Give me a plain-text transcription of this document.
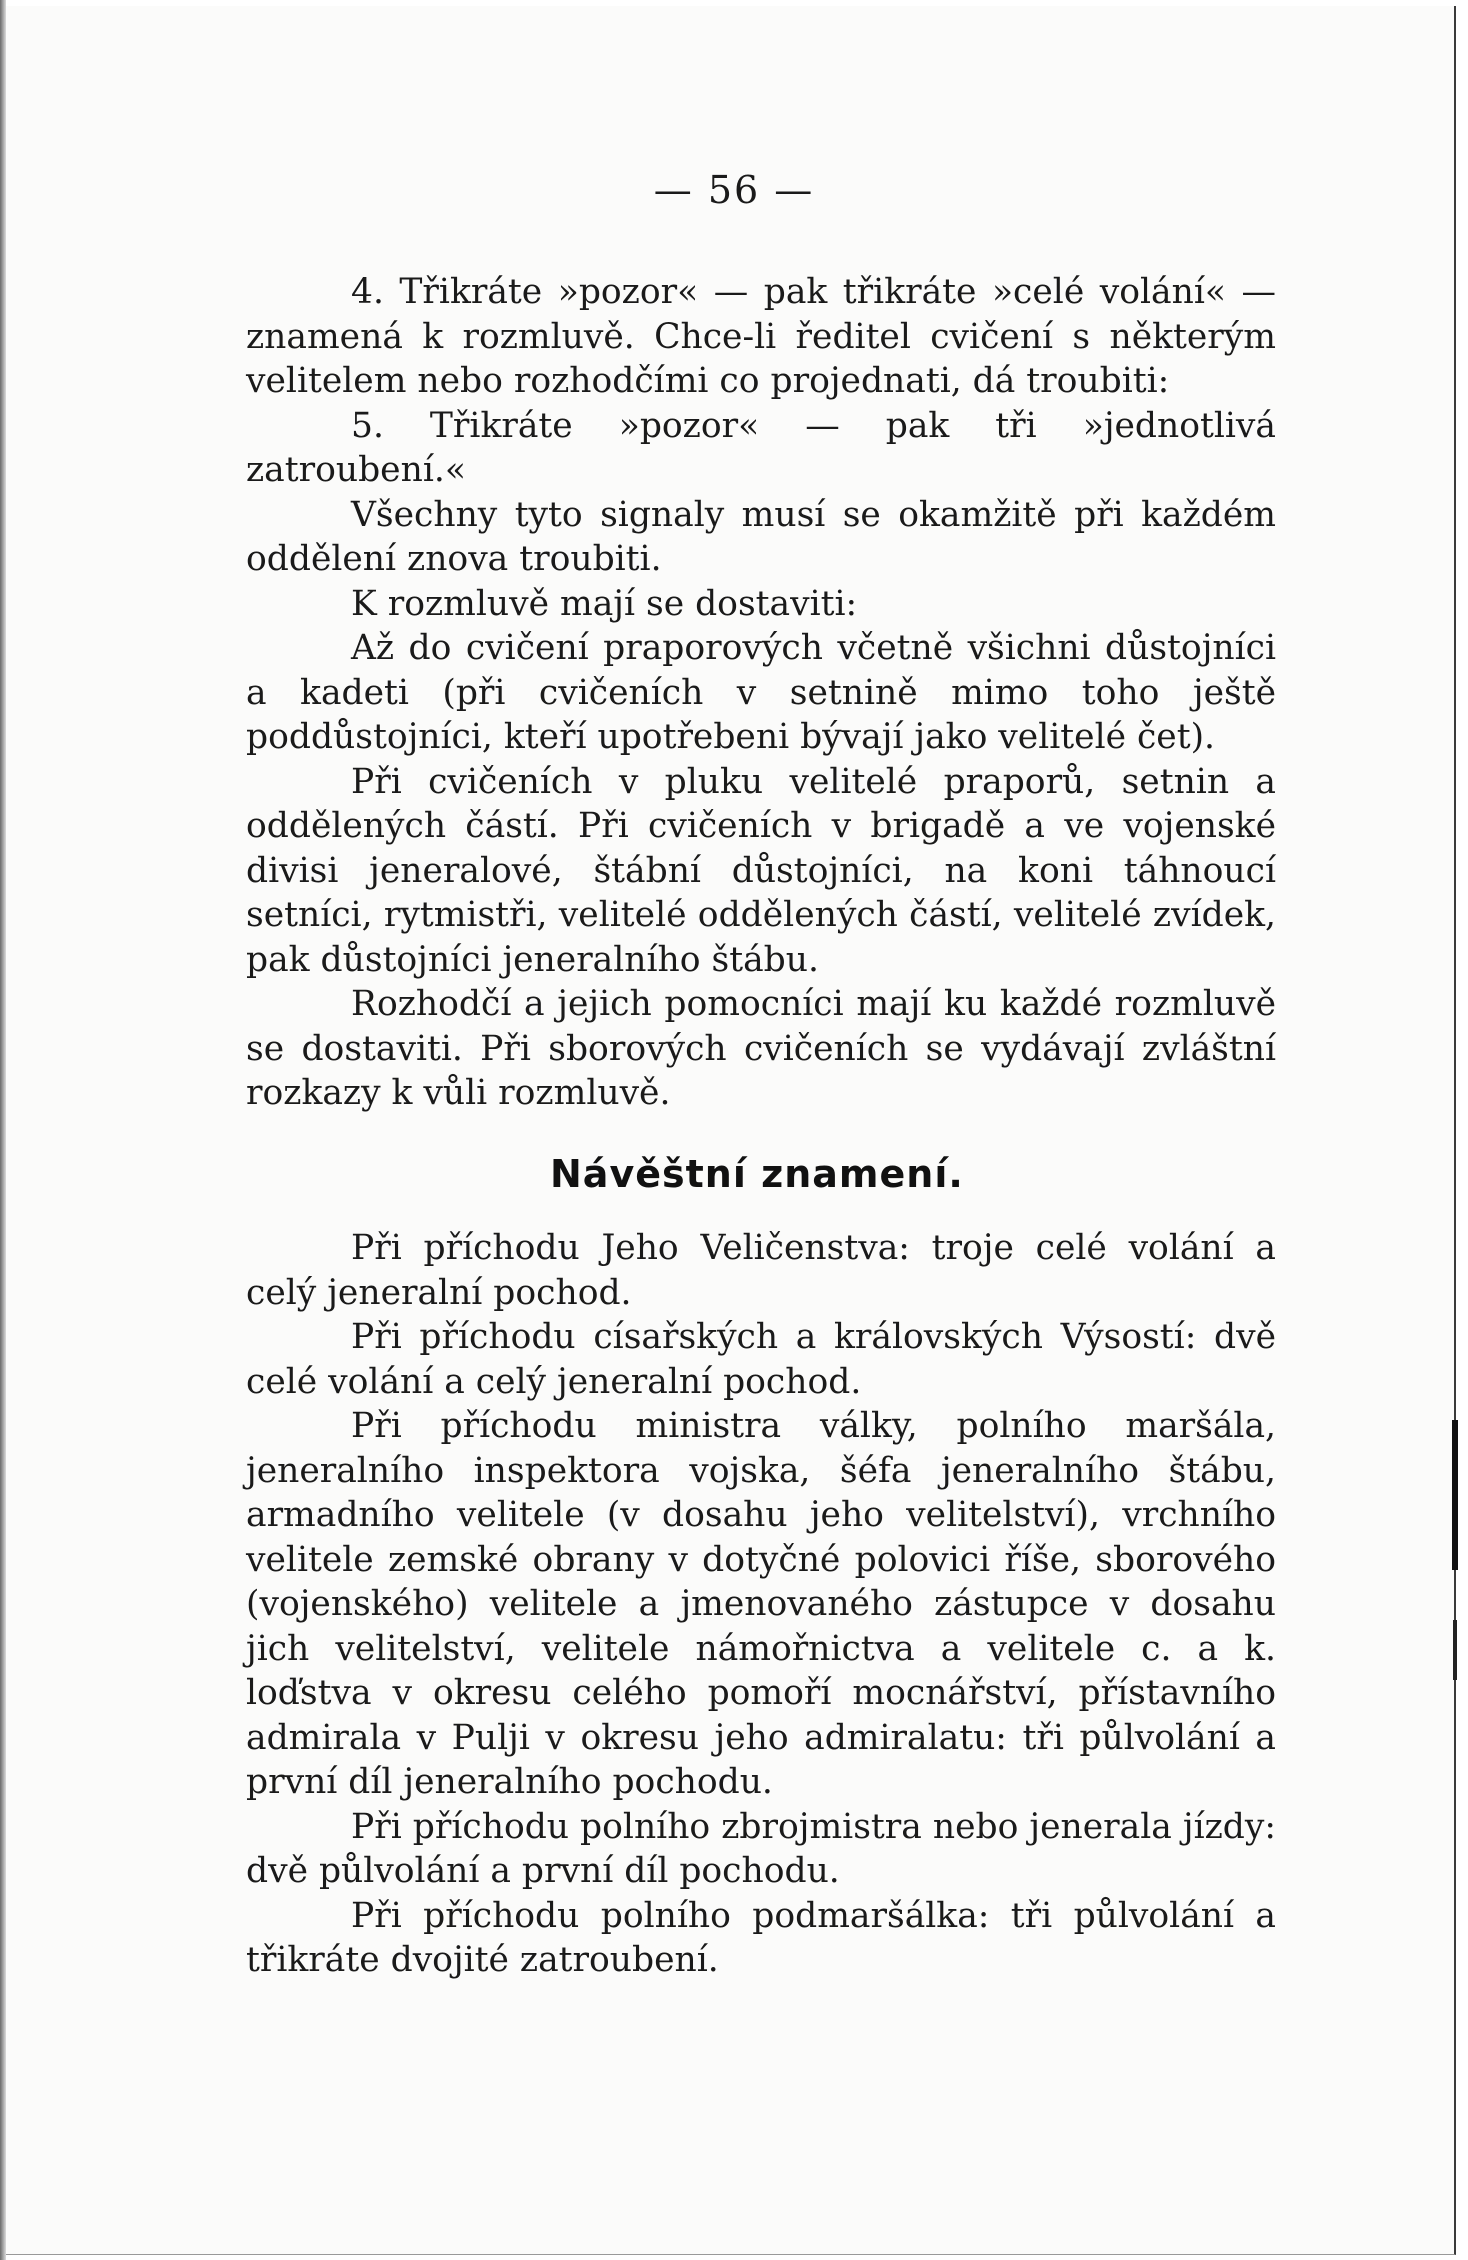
— 56 —

4. Třikráte »pozor« — pak třikráte »celé volání« — znamená k rozmluvě. Chce-li ředitel cvičení s některým velitelem nebo rozhodčími co projednati, dá troubiti:

5. Třikráte »pozor« — pak tři »jednotlivá zatroubení.«

Všechny tyto signaly musí se okamžitě při každém oddělení znova troubiti.

K rozmluvě mají se dostaviti:

Až do cvičení praporových včetně všichni důstojníci a kadeti (při cvičeních v setnině mimo toho ještě poddůstojníci, kteří upotřebeni bývají jako velitelé čet).

Při cvičeních v pluku velitelé praporů, setnin a oddělených částí. Při cvičeních v brigadě a ve vojenské divisi jeneralové, štábní důstojníci, na koni táhnoucí setníci, rytmistři, velitelé oddělených částí, velitelé zvídek, pak důstojníci jeneralního štábu.

Rozhodčí a jejich pomocníci mají ku každé rozmluvě se dostaviti. Při sborových cvičeních se vydávají zvláštní rozkazy k vůli rozmluvě.

Návěštní znamení.

Při příchodu Jeho Veličenstva: troje celé volání a celý jeneralní pochod.

Při příchodu císařských a královských Výsostí: dvě celé volání a celý jeneralní pochod.

Při příchodu ministra války, polního maršála, jeneralního inspektora vojska, šéfa jeneralního štábu, armadního velitele (v dosahu jeho velitelství), vrchního velitele zemské obrany v dotyčné polovici říše, sborového (vojenského) velitele a jmenovaného zástupce v dosahu jich velitelství, velitele námořnictva a velitele c. a k. loďstva v okresu celého pomoří mocnářství, přístavního admirala v Pulji v okresu jeho admiralatu: tři půlvolání a první díl jeneralního pochodu.

Při příchodu polního zbrojmistra nebo jenerala jízdy: dvě půlvolání a první díl pochodu.

Při příchodu polního podmaršálka: tři půlvolání a třikráte dvojité zatroubení.
